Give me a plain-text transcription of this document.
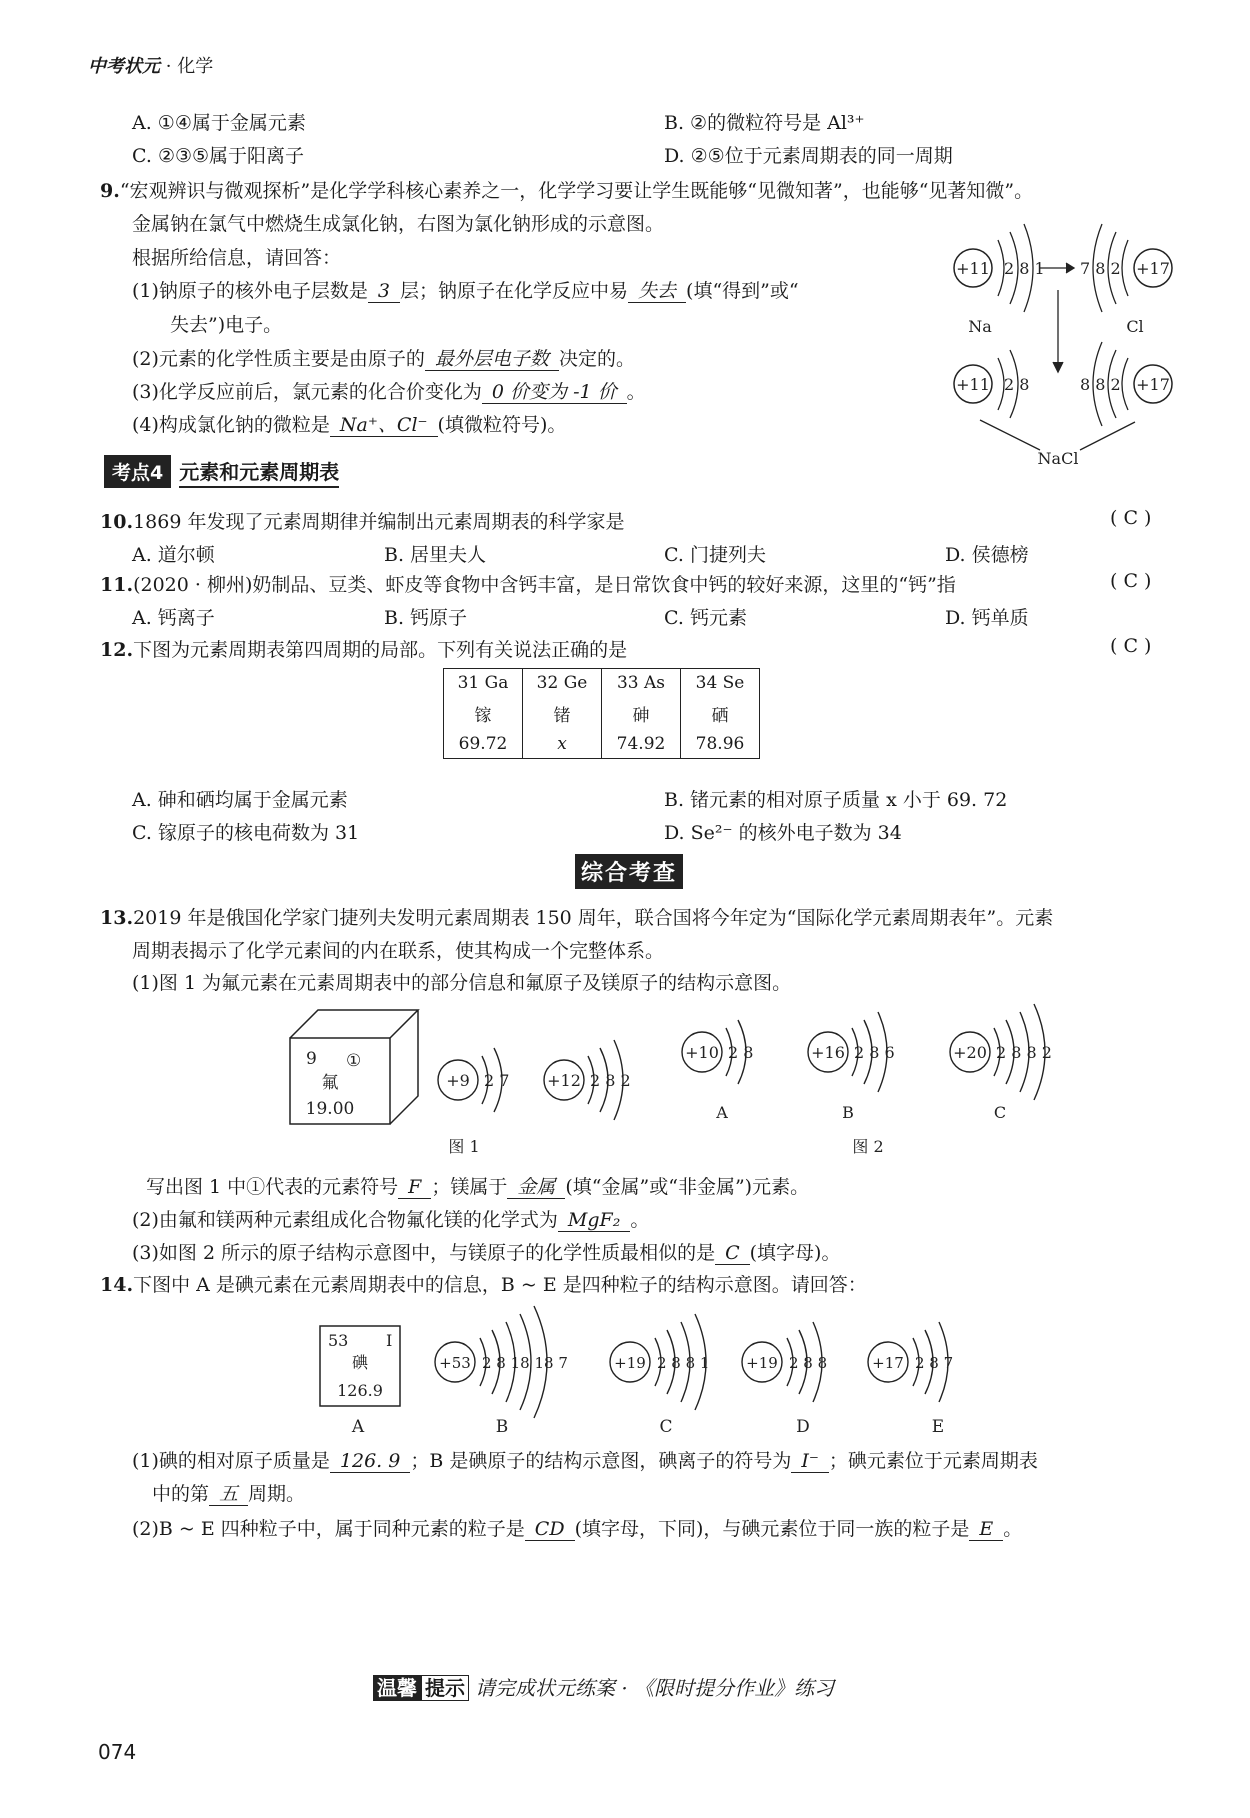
中考状元 · 化学
A. ①④属于金属元素	B. ②的微粒符号是 Al³⁺
C. ②③⑤属于阳离子	D. ②⑤位于元素周期表的同一周期
9.“宏观辨识与微观探析”是化学学科核心素养之一，化学学习要让学生既能够“见微知著”，也能够“见著知微”。
金属钠在氯气中燃烧生成氯化钠，右图为氯化钠形成的示意图。
根据所给信息，请回答：
(1)钠原子的核外电子层数是 3 层；钠原子在化学反应中易 失去 (填“得到”或“
失去”)电子。
(2)元素的化学性质主要是由原子的 最外层电子数 决定的。
(3)化学反应前后，氯元素的化合价变化为 0 价变为 -1 价 。
(4)构成氯化钠的微粒是 Na⁺、Cl⁻ (填微粒符号)。
+11 2 8 1
Na
7 8 2 +17
Cl
+11 2 8	8 8 2 +17
NaCl
考点4 元素和元素周期表
10.1869 年发现了元素周期律并编制出元素周期表的科学家是	( C )
A. 道尔顿	B. 居里夫人	C. 门捷列夫	D. 侯德榜
11.(2020 · 柳州)奶制品、豆类、虾皮等食物中含钙丰富，是日常饮食中钙的较好来源，这里的“钙”指	( C )
A. 钙离子	B. 钙原子	C. 钙元素	D. 钙单质
12.下图为元素周期表第四周期的局部。下列有关说法正确的是	( C )
31 Ga	32 Ge	33 As	34 Se
镓	锗	砷	硒
69.72	x	74.92	78.96
A. 砷和硒均属于金属元素	B. 锗元素的相对原子质量 x 小于 69. 72
C. 镓原子的核电荷数为 31	D. Se²⁻ 的核外电子数为 34
综合考查
13.2019 年是俄国化学家门捷列夫发明元素周期表 150 周年，联合国将今年定为“国际化学元素周期表年”。元素
周期表揭示了化学元素间的内在联系，使其构成一个完整体系。
(1)图 1 为氟元素在元素周期表中的部分信息和氟原子及镁原子的结构示意图。
9 ①
氟
19.00
+9 2 7 +12 2 8 2
图 1
+10 2 8	+16 2 8 6	+20 2 8 8 2
A	B	C
图 2
写出图 1 中①代表的元素符号 F ；镁属于 金属 (填“金属”或“非金属”)元素。
(2)由氟和镁两种元素组成化合物氟化镁的化学式为 MgF₂ 。
(3)如图 2 所示的原子结构示意图中，与镁原子的化学性质最相似的是 C (填字母)。
14.下图中 A 是碘元素在元素周期表中的信息，B ~ E 是四种粒子的结构示意图。请回答：
53 I
碘
126.9
+53 2 8 18 18 7	+19 2 8 8 1 +19 2 8 8	+17 2 8 7
A	B	C	D	E
(1)碘的相对原子质量是 126. 9 ；B 是碘原子的结构示意图，碘离子的符号为 I⁻ ；碘元素位于元素周期表
中的第 五 周期。
(2)B ~ E 四种粒子中，属于同种元素的粒子是 CD (填字母，下同)，与碘元素位于同一族的粒子是 E 。
温馨 提示 请完成状元练案 · 《限时提分作业》练习
074
